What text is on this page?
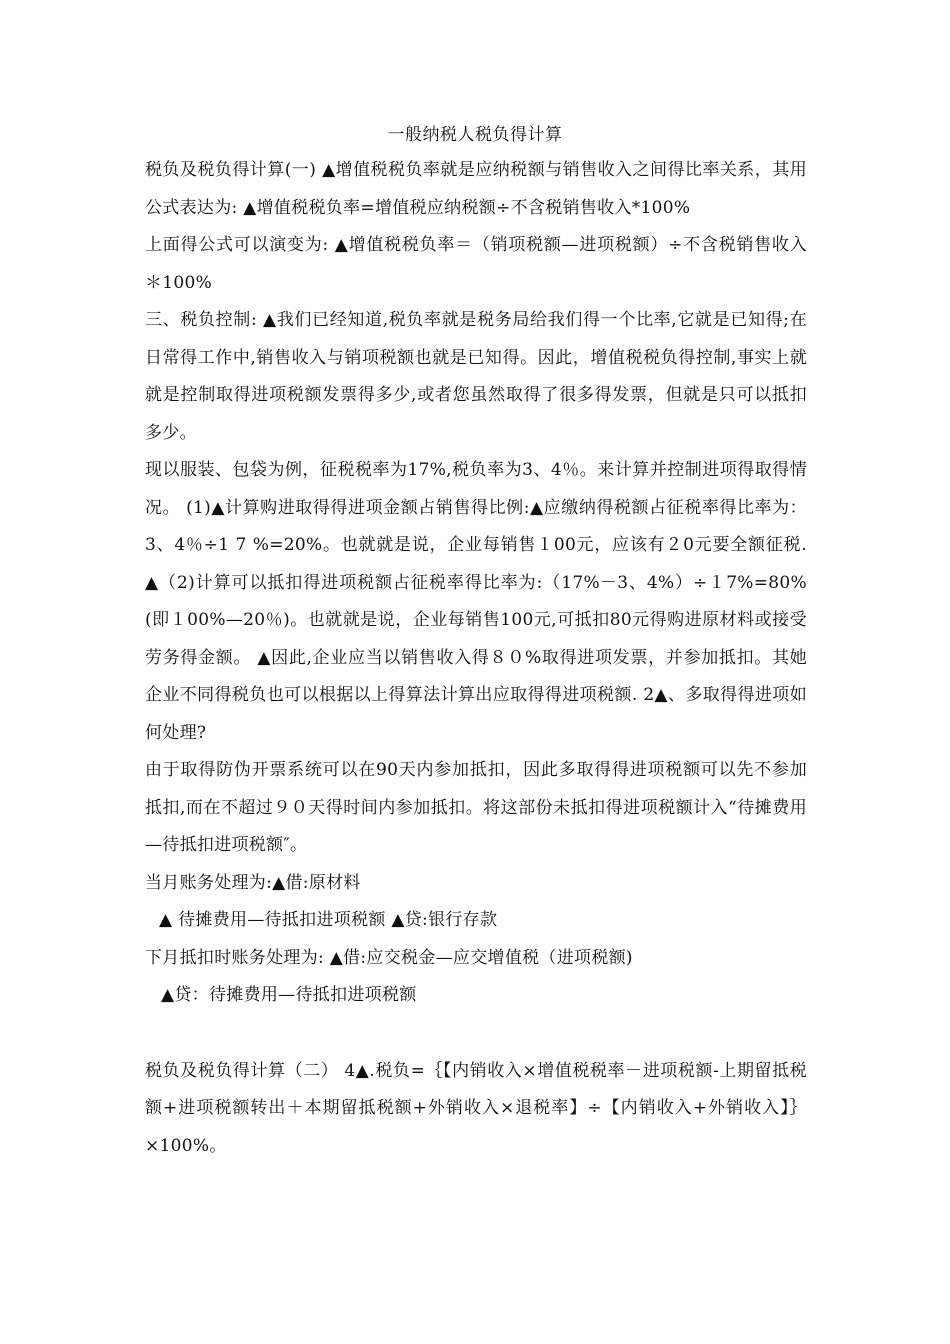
一般纳税人税负得计算

税负及税负得计算(一) ▲增值税税负率就是应纳税额与销售收入之间得比率关系，其用公式表达为: ▲增值税税负率=增值税应纳税额÷不含税销售收入*100%

上面得公式可以演变为: ▲增值税税负率＝（销项税额—进项税额）÷不含税销售收入＊100%

三、税负控制: ▲我们已经知道,税负率就是税务局给我们得一个比率,它就是已知得;在日常得工作中,销售收入与销项税额也就是已知得。因此，增值税税负得控制,事实上就就是控制取得进项税额发票得多少,或者您虽然取得了很多得发票，但就是只可以抵扣多少。

现以服装、包袋为例，征税税率为17%,税负率为3、4％。来计算并控制进项得取得情况。 (1)▲计算购进取得得进项金额占销售得比例:▲应缴纳得税额占征税率得比率为：3、4％÷1 7 %=20%。也就就是说，企业每销售１00元，应该有２0元要全额征税. ▲（2)计算可以抵扣得进项税额占征税率得比率为:（17%－3、4%）÷１7%=80%(即１00%—20％)。也就就是说，企业每销售100元,可抵扣80元得购进原材料或接受劳务得金额。 ▲因此,企业应当以销售收入得８０%取得进项发票，并参加抵扣。其她企业不同得税负也可以根据以上得算法计算出应取得得进项税额. 2▲、多取得得进项如何处理?

由于取得防伪开票系统可以在90天内参加抵扣，因此多取得得进项税额可以先不参加抵扣,而在不超过９０天得时间内参加抵扣。将这部份未抵扣得进项税额计入“待摊费用—待抵扣进项税额″。

当月账务处理为:▲借:原材料

▲ 待摊费用—待抵扣进项税额 ▲贷:银行存款

下月抵扣时账务处理为: ▲借:应交税金—应交增值税（进项税额)

▲贷：待摊费用—待抵扣进项税额

税负及税负得计算（二） 4▲.税负=｛【内销收入×增值税税率－进项税额-上期留抵税额+进项税额转出＋本期留抵税额+外销收入×退税率】÷【内销收入+外销收入】｝×100%。
